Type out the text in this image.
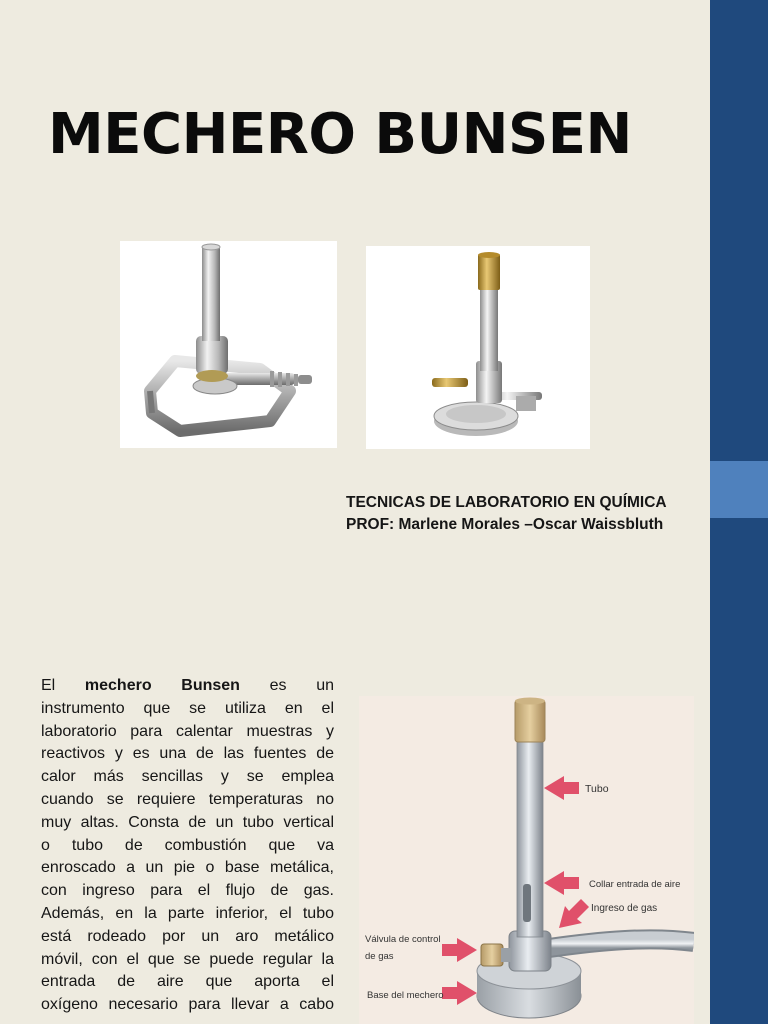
MECHERO BUNSEN
TECNICAS DE LABORATORIO EN QUÍMICA
PROF: Marlene Morales –Oscar Waissbluth
El mechero Bunsen es un
instrumento que se utiliza en el
laboratorio para calentar muestras y
reactivos y es una de las fuentes de
calor más sencillas y se emplea
cuando se requiere temperaturas no
muy altas. Consta de un tubo vertical
o tubo de combustión que va
enroscado a un pie o base metálica,
con ingreso para el flujo de gas.
Además, en la parte inferior, el tubo
está rodeado por un aro metálico
móvil, con el que se puede regular la
entrada de aire que aporta el
oxígeno necesario para llevar a cabo
Tubo
Collar entrada de aire
Ingreso de gas
Válvula de control
de gas
Base del mechero
